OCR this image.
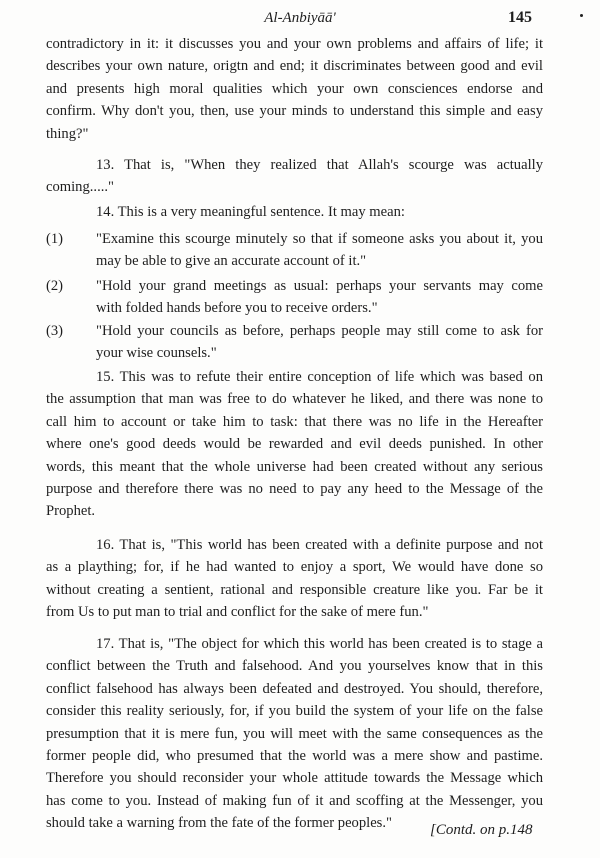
Al-Anbiyāā'	145
contradictory in it: it discusses you and your own problems and affairs of life; it
describes your own nature, origtn and end; it discriminates between good and evil
and presents high moral qualities which your own consciences endorse and
confirm. Why don't you, then, use your minds to understand this simple and easy
thing?"
13. That is, "When they realized that Allah's scourge was actually
coming....."
14. This is a very meaningful sentence. It may mean:
(1) "Examine this scourge minutely so that if someone asks you about it, you
may be able to give an accurate account of it."
(2) "Hold your grand meetings as usual: perhaps your servants may come
with folded hands before you to receive orders."
(3) "Hold your councils as before, perhaps people may still come to ask for
your wise counsels."
15. This was to refute their entire conception of life which was based on
the assumption that man was free to do whatever he liked, and there was none to
call him to account or take him to task: that there was no life in the Hereafter
where one's good deeds would be rewarded and evil deeds punished. In other
words, this meant that the whole universe had been created without any serious
purpose and therefore there was no need to pay any heed to the Message of the
Prophet.
16. That is, "This world has been created with a definite purpose and not
as a plaything; for, if he had wanted to enjoy a sport, We would have done so
without creating a sentient, rational and responsible creature like you. Far be it
from Us to put man to trial and conflict for the sake of mere fun."
17. That is, "The object for which this world has been created is to stage a
conflict between the Truth and falsehood. And you yourselves know that in this
conflict falsehood has always been defeated and destroyed. You should, therefore,
consider this reality seriously, for, if you build the system of your life on the false
presumption that it is mere fun, you will meet with the same consequences as the
former people did, who presumed that the world was a mere show and pastime.
Therefore you should reconsider your whole attitude towards the Message which
has come to you. Instead of making fun of it and scoffing at the Messenger, you
should take a warning from the fate of the former peoples."	[Contd. on p.148
